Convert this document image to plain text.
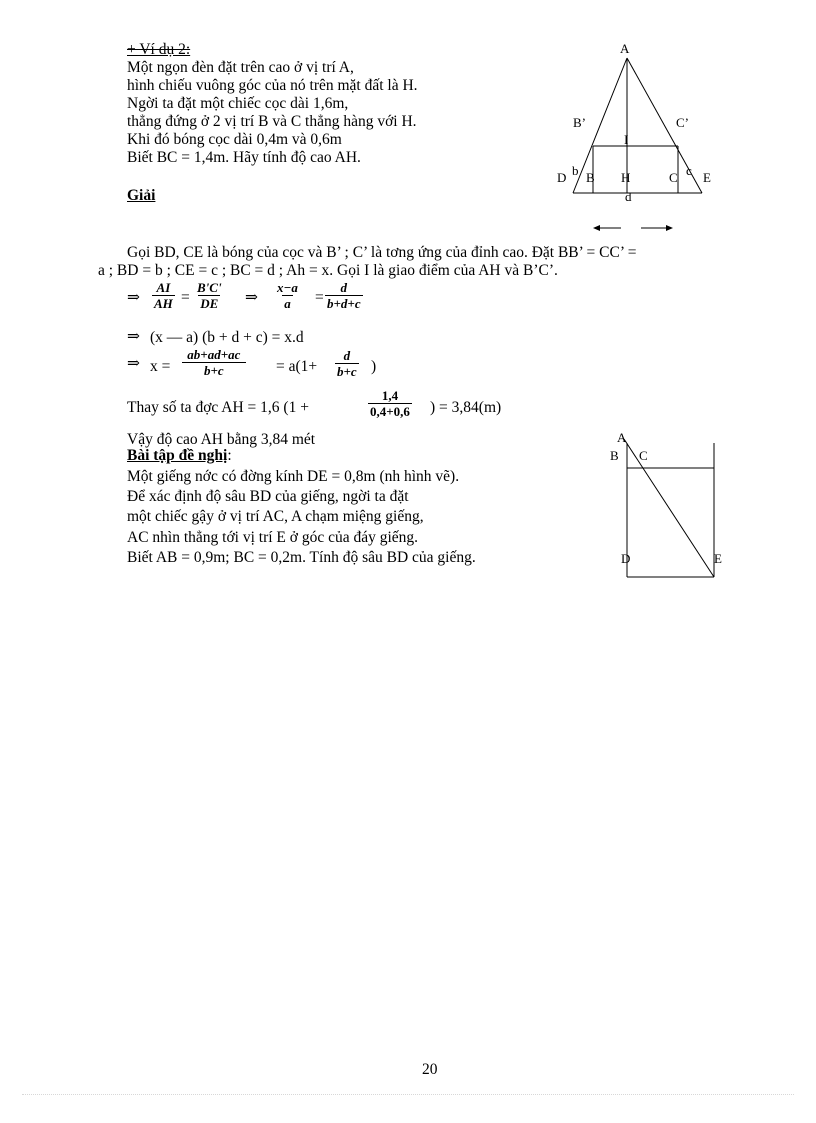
+ Ví dụ 2:
Một ngọn đèn đặt trên cao ở vị trí A,
hình chiếu vuông góc của nó trên mặt đất là H.
Ngời ta đặt một chiếc cọc dài 1,6m,
thẳng đứng ở 2 vị trí B và C thẳng hàng với H.
Khi đó bóng cọc dài 0,4m và 0,6m
Biết BC = 1,4m. Hãy tính độ cao AH.
Giải
A
B’	C’
I
b	c
D B H	C E
d
Gọi BD, CE là bóng của cọc và B’ ; C’ là tơng ứng của đỉnh cao. Đặt BB’ = CC’ =
a ; BD = b ; CE = c ; BC = d ; Ah = x. Gọi I là giao điểm của AH và B’C’.
⇒ $\frac{AI}{AH} = \frac{B'C'}{DE}$ ⇒ $\frac{x-a}{a} = \frac{d}{b+d+c}$
⇒ (x — a) (b + d + c) = x.d
⇒ $x = \frac{ab+ad+ac}{b+c} = a(1+ \frac{d}{b+c}$ )
Thay số ta đợc AH = 1,6 (1 +	$\frac{1,4}{0,4+0,6}$ ) = 3,84(m)
Vậy độ cao AH bằng 3,84 mét
Bài tập đề nghị:
Một giếng nớc có đờng kính DE = 0,8m (nh hình vẽ).
Để xác định độ sâu BD của giếng, ngời ta đặt
một chiếc gậy ở vị trí AC, A chạm miệng giếng,
AC nhìn thẳng tới vị trí E ở góc của đáy giếng.
Biết AB = 0,9m; BC = 0,2m. Tính độ sâu BD của giếng.
A
B C
D	E
20
